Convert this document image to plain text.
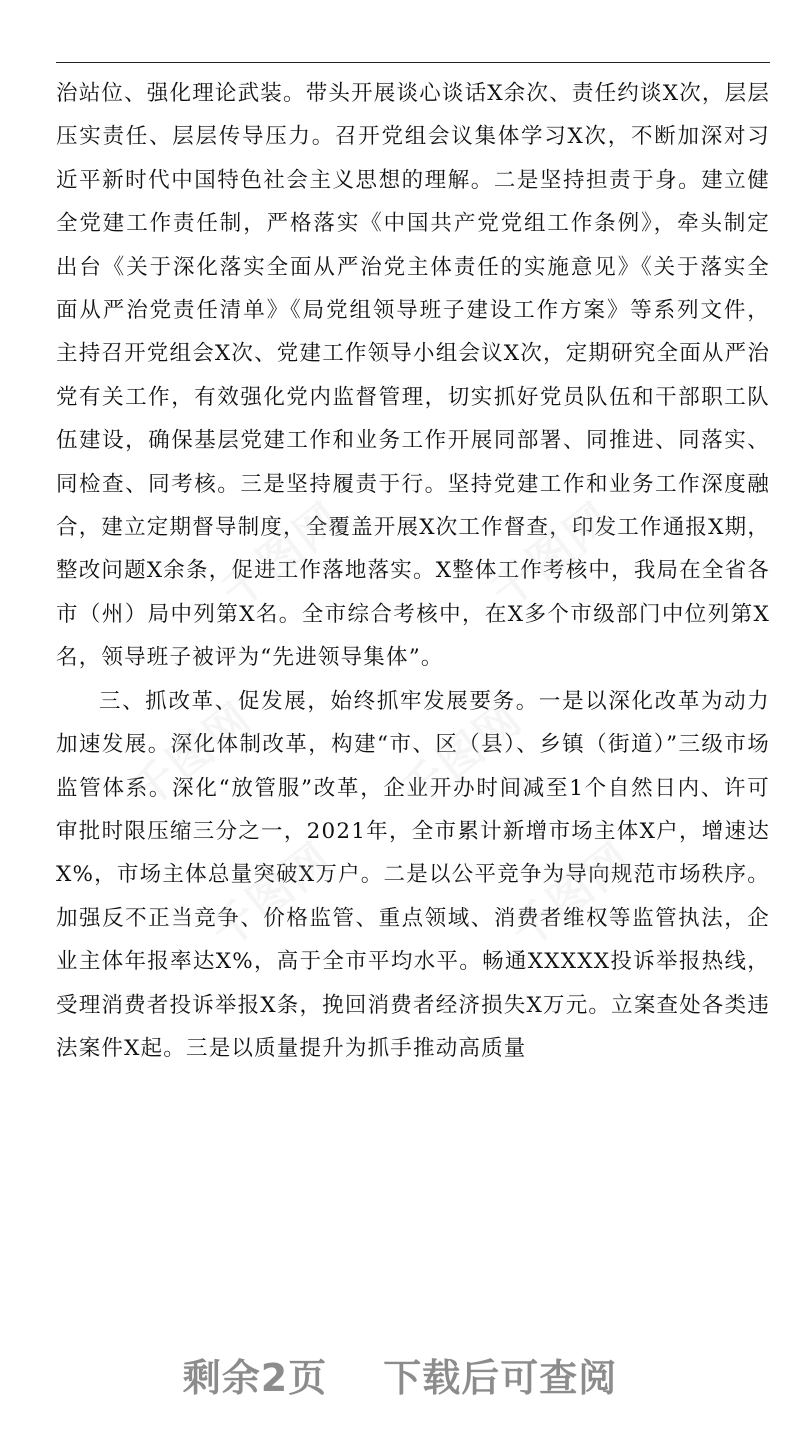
治站位、强化理论武装。带头开展谈心谈话X余次、责任约谈X次，层层压实责任、层层传导压力。召开党组会议集体学习X次，不断加深对习近平新时代中国特色社会主义思想的理解。二是坚持担责于身。建立健全党建工作责任制，严格落实《中国共产党党组工作条例》，牵头制定出台《关于深化落实全面从严治党主体责任的实施意见》《关于落实全面从严治党责任清单》《局党组领导班子建设工作方案》等系列文件，主持召开党组会X次、党建工作领导小组会议X次，定期研究全面从严治党有关工作，有效强化党内监督管理，切实抓好党员队伍和干部职工队伍建设，确保基层党建工作和业务工作开展同部署、同推进、同落实、同检查、同考核。三是坚持履责于行。坚持党建工作和业务工作深度融合，建立定期督导制度，全覆盖开展X次工作督查，印发工作通报X期，整改问题X余条，促进工作落地落实。X整体工作考核中，我局在全省各市（州）局中列第X名。全市综合考核中，在X多个市级部门中位列第X名，领导班子被评为“先进领导集体”。

三、抓改革、促发展，始终抓牢发展要务。一是以深化改革为动力加速发展。深化体制改革，构建“市、区（县）、乡镇（街道）”三级市场监管体系。深化“放管服”改革，企业开办时间减至1个自然日内、许可审批时限压缩三分之一，2021年，全市累计新增市场主体X户，增速达X%，市场主体总量突破X万户。二是以公平竞争为导向规范市场秩序。加强反不正当竞争、价格监管、重点领域、消费者维权等监管执法，企业主体年报率达X%，高于全市平均水平。畅通XXXXX投诉举报热线，受理消费者投诉举报X条，挽回消费者经济损失X万元。立案查处各类违法案件X起。三是以质量提升为抓手推动高质量

千图网	千图网
千图网	千图网
千图网	千图网
剩余2页 下载后可查阅
